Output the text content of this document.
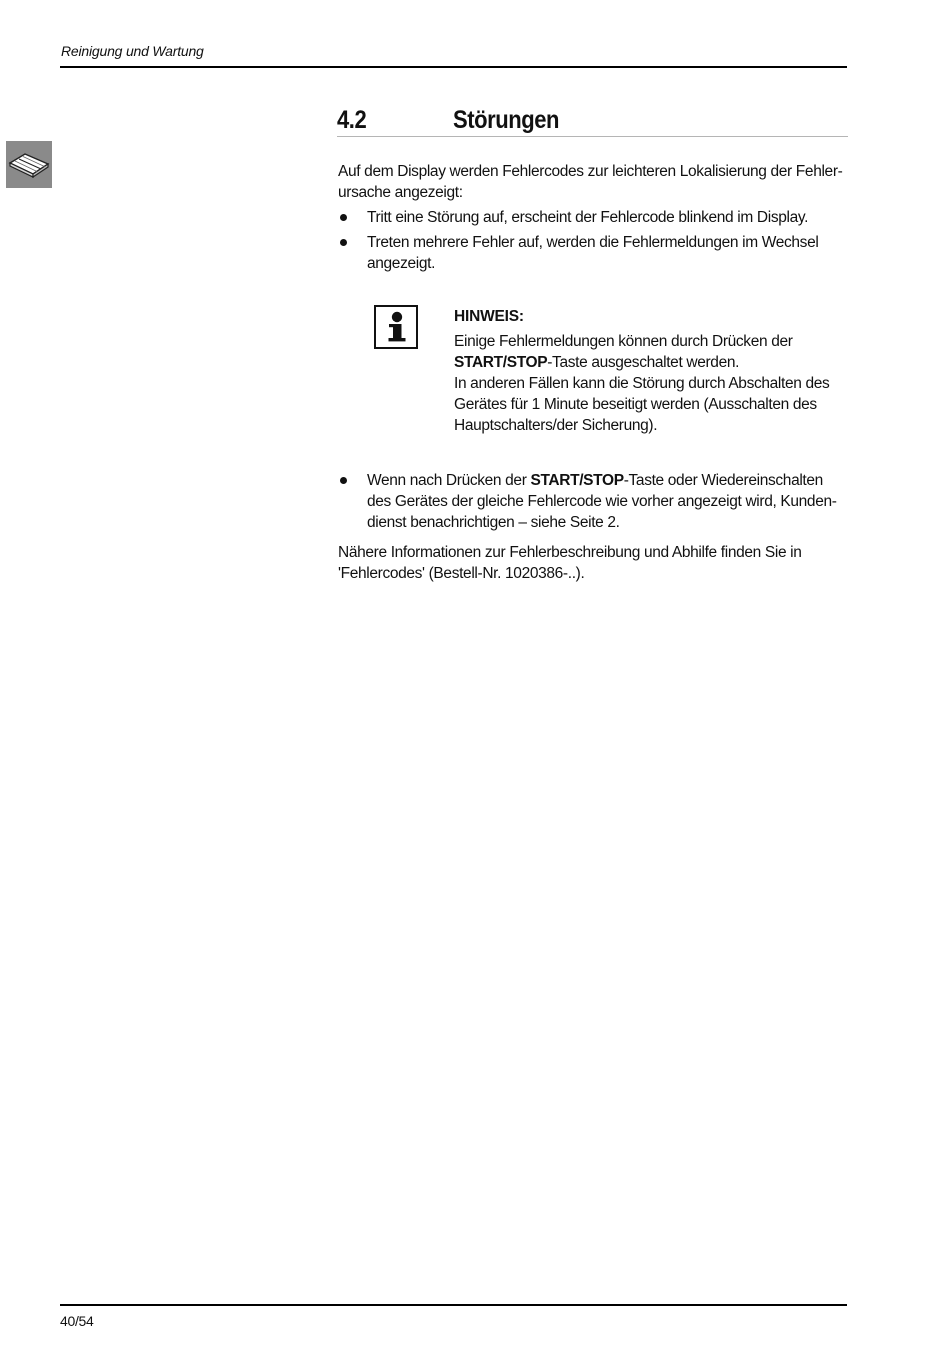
Reinigung und Wartung
4.2	Störungen
Auf dem Display werden Fehlercodes zur leichteren Lokalisierung der Fehler-
ursache angezeigt:
Tritt eine Störung auf, erscheint der Fehlercode blinkend im Display.
Treten mehrere Fehler auf, werden die Fehlermeldungen im Wechsel
angezeigt.
HINWEIS:
Einige Fehlermeldungen können durch Drücken der
START/STOP-Taste ausgeschaltet werden.
In anderen Fällen kann die Störung durch Abschalten des
Gerätes für 1 Minute beseitigt werden (Ausschalten des
Hauptschalters/der Sicherung).
Wenn nach Drücken der START/STOP-Taste oder Wiedereinschalten
des Gerätes der gleiche Fehlercode wie vorher angezeigt wird, Kunden-
dienst benachrichtigen – siehe Seite 2.
Nähere Informationen zur Fehlerbeschreibung und Abhilfe finden Sie in
'Fehlercodes' (Bestell-Nr. 1020386-..).
40/54
